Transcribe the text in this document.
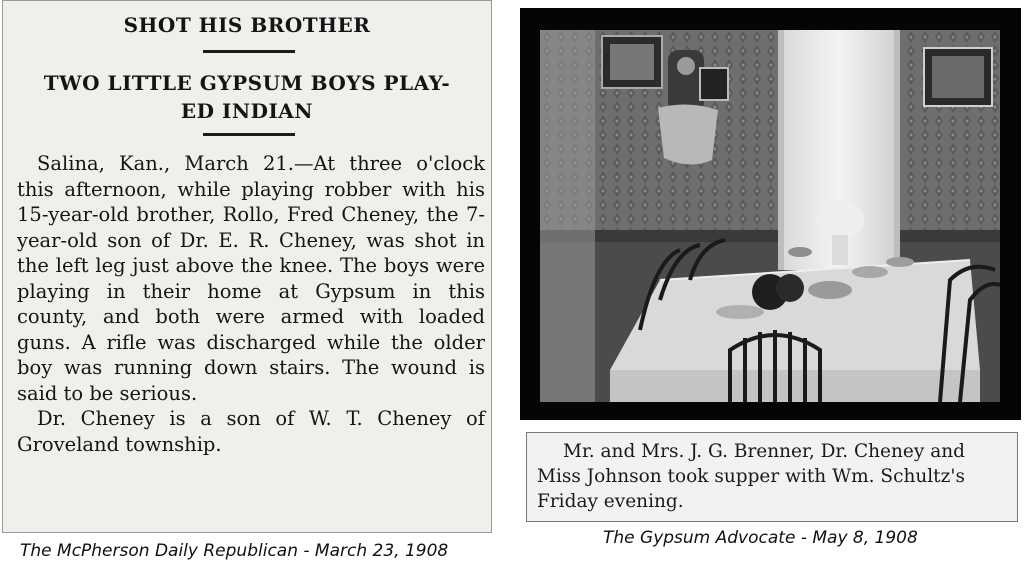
SHOT HIS BROTHER
TWO LITTLE GYPSUM BOYS PLAY-
ED INDIAN

Salina, Kan., March 21.—At three o'clock this afternoon, while playing robber with his 15-year-old brother, Rollo, Fred Cheney, the 7-year-old son of Dr. E. R. Cheney, was shot in the left leg just above the knee. The boys were playing in their home at Gypsum in this county, and both were armed with loaded guns. A rifle was discharged while the older boy was running down stairs. The wound is said to be serious.

Dr. Cheney is a son of W. T. Cheney of Groveland township.

The McPherson Daily Republican - March 23, 1908

Mr. and Mrs. J. G. Brenner, Dr. Cheney and Miss Johnson took supper with Wm. Schultz's Friday evening.

The Gypsum Advocate - May 8, 1908
